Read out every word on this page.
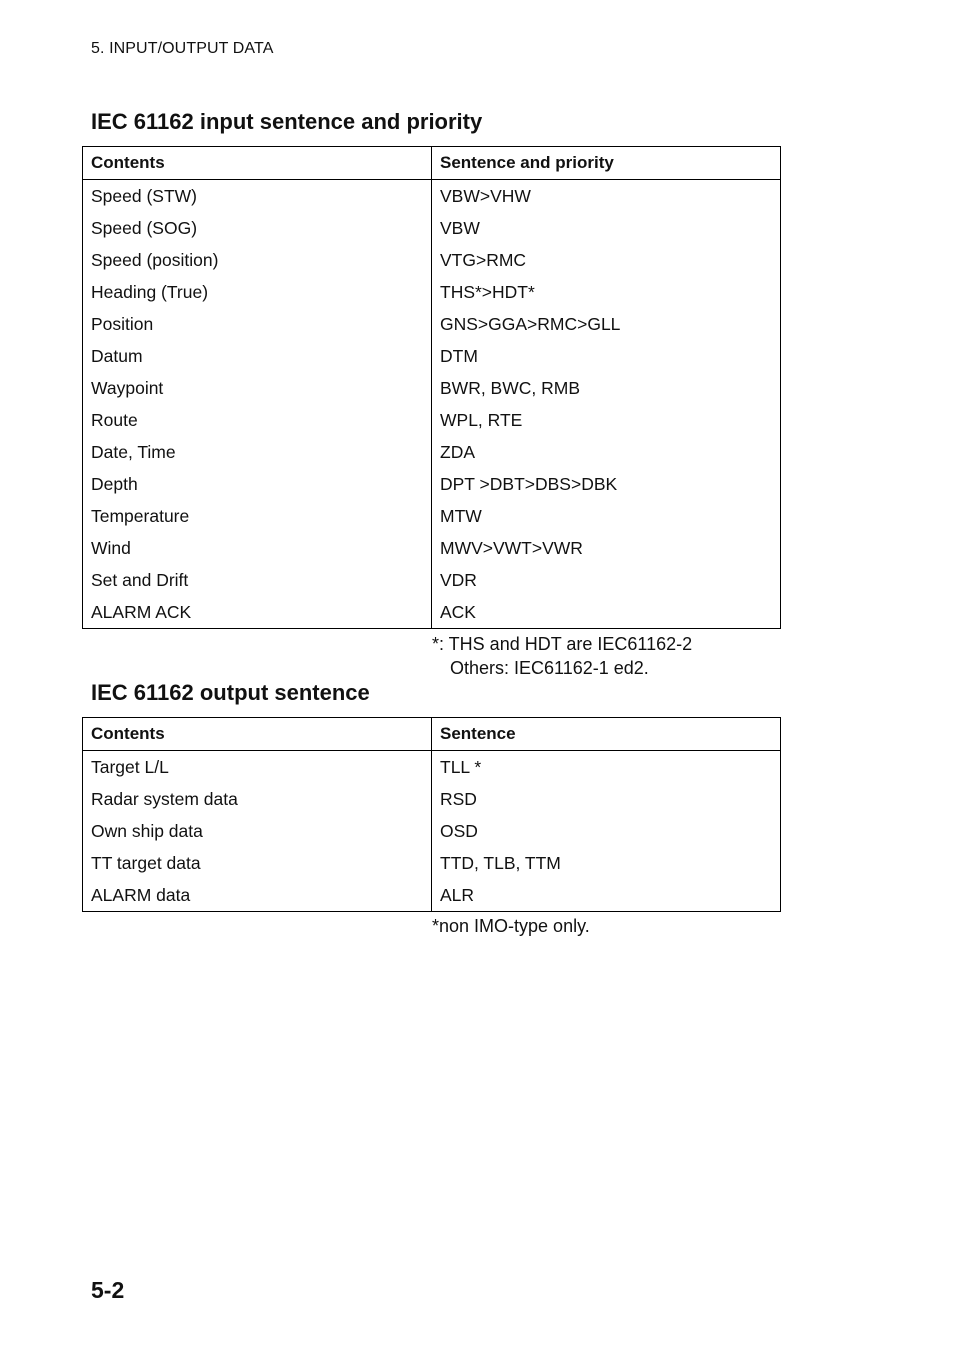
5. INPUT/OUTPUT DATA
IEC 61162 input sentence and priority
Contents	Sentence and priority
Speed (STW)	VBW>VHW
Speed (SOG)	VBW
Speed (position)	VTG>RMC
Heading (True)	THS*>HDT*
Position	GNS>GGA>RMC>GLL
Datum	DTM
Waypoint	BWR, BWC, RMB
Route	WPL, RTE
Date, Time	ZDA
Depth	DPT >DBT>DBS>DBK
Temperature	MTW
Wind	MWV>VWT>VWR
Set and Drift	VDR
ALARM ACK	ACK
*: THS and HDT are IEC61162-2
Others: IEC61162-1 ed2.
IEC 61162 output sentence
Contents	Sentence
Target L/L	TLL *
Radar system data	RSD
Own ship data	OSD
TT target data	TTD, TLB, TTM
ALARM data	ALR
*non IMO-type only.
5-2
